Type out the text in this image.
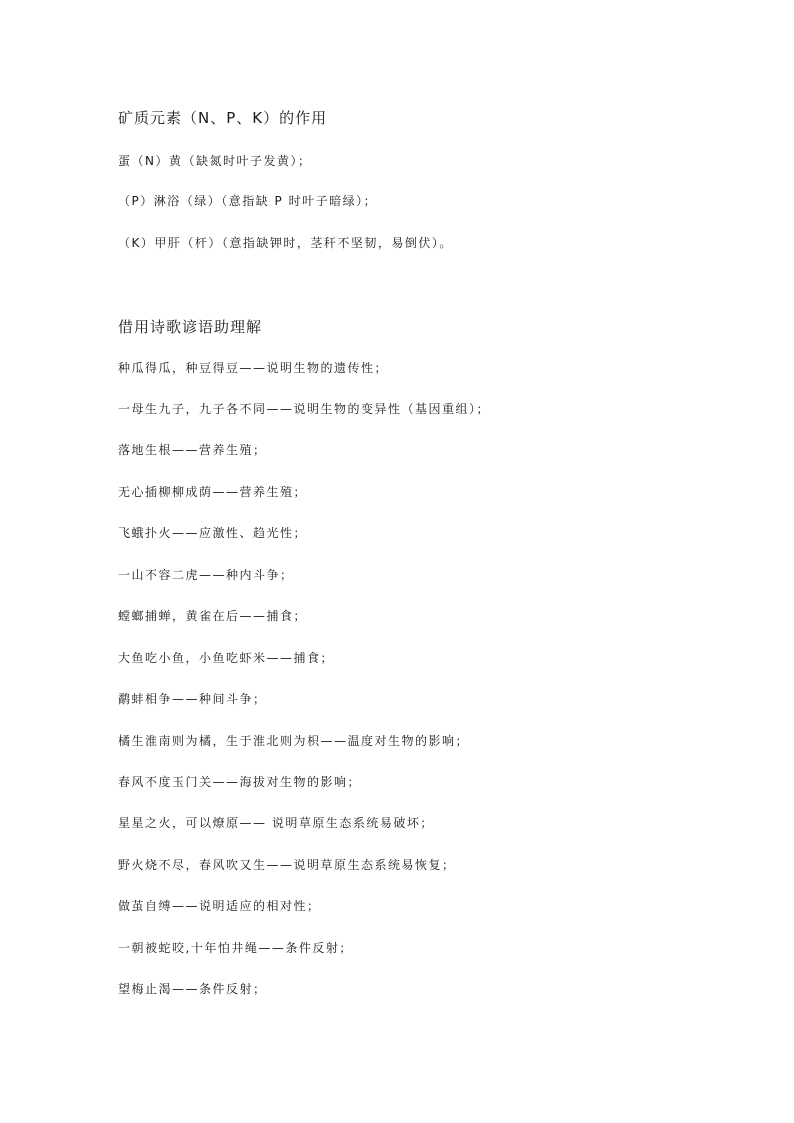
矿质元素（N、P、K）的作用
蛋（N）黄（缺氮时叶子发黄）；
（P）淋浴（绿）（意指缺 P 时叶子暗绿）；
（K）甲肝（杆）（意指缺钾时，茎秆不坚韧，易倒伏）。
借用诗歌谚语助理解
种瓜得瓜，种豆得豆——说明生物的遗传性；
一母生九子，九子各不同——说明生物的变异性（基因重组）；
落地生根——营养生殖；
无心插柳柳成荫——营养生殖；
飞蛾扑火——应激性、趋光性；
一山不容二虎——种内斗争；
螳螂捕蝉，黄雀在后——捕食；
大鱼吃小鱼，小鱼吃虾米——捕食；
鹬蚌相争——种间斗争；
橘生淮南则为橘，生于淮北则为枳——温度对生物的影响；
春风不度玉门关——海拔对生物的影响；
星星之火，可以燎原—— 说明草原生态系统易破坏；
野火烧不尽，春风吹又生——说明草原生态系统易恢复；
做茧自缚——说明适应的相对性；
一朝被蛇咬,十年怕井绳——条件反射；
望梅止渴——条件反射；
